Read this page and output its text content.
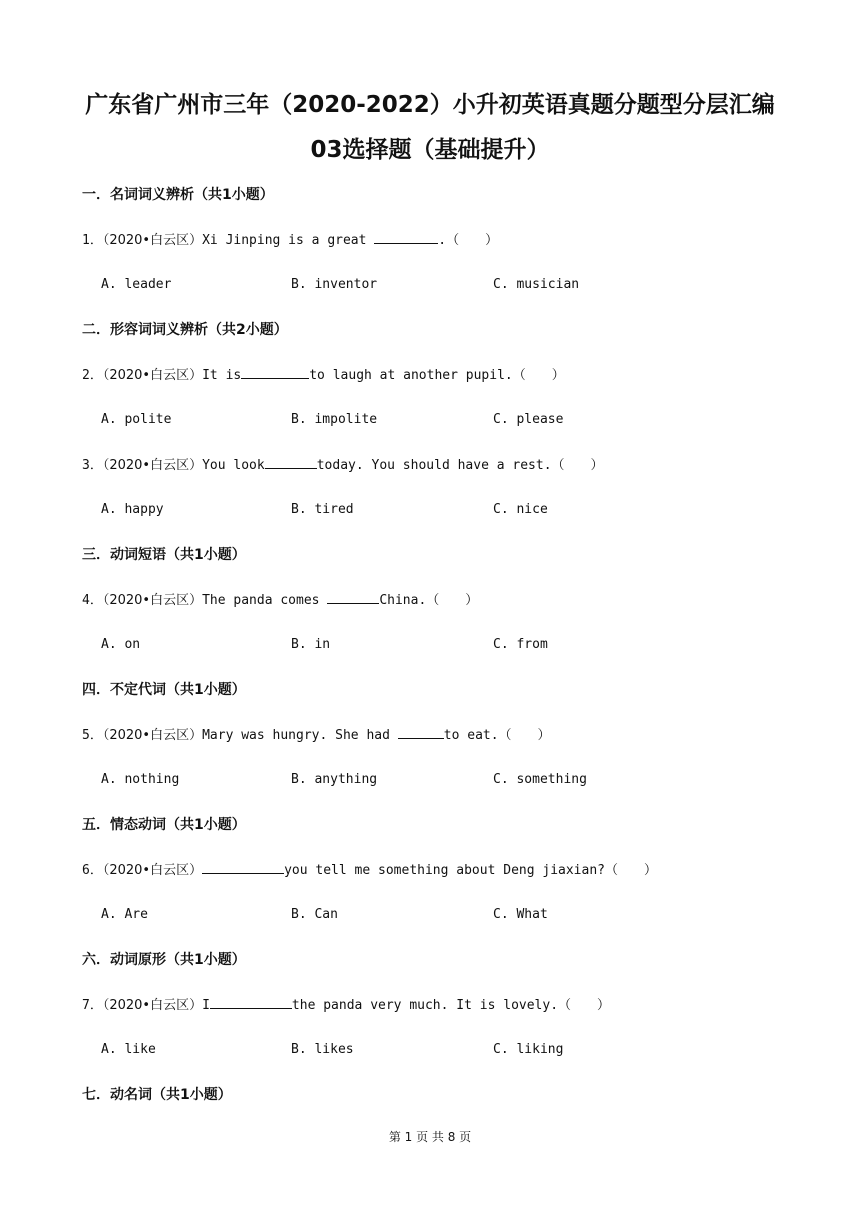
广东省广州市三年（2020-2022）小升初英语真题分题型分层汇编
03选择题（基础提升）
一．名词词义辨析（共1小题）
1．（2020•白云区）Xi Jinping is a great	.（　　）
A. leader	B. inventor	C. musician
二．形容词词义辨析（共2小题）
2．（2020•白云区）It is	to laugh at another pupil.（　　）
A. polite	B. impolite	C. please
3．（2020•白云区）You look	today. You should have a rest.（　　）
A. happy	B. tired	C. nice
三．动词短语（共1小题）
4．（2020•白云区）The panda comes	China.（　　）
A. on	B. in	C. from
四．不定代词（共1小题）
5．（2020•白云区）Mary was hungry. She had	to eat.（　　）
A. nothing	B. anything	C. something
五．情态动词（共1小题）
6．（2020•白云区）	you tell me something about Deng jiaxian?（　　）
A. Are	B. Can	C. What
六．动词原形（共1小题）
7．（2020•白云区）I	the panda very much. It is lovely.（　　）
A. like	B. likes	C. liking
七．动名词（共1小题）
第 1 页 共 8 页
